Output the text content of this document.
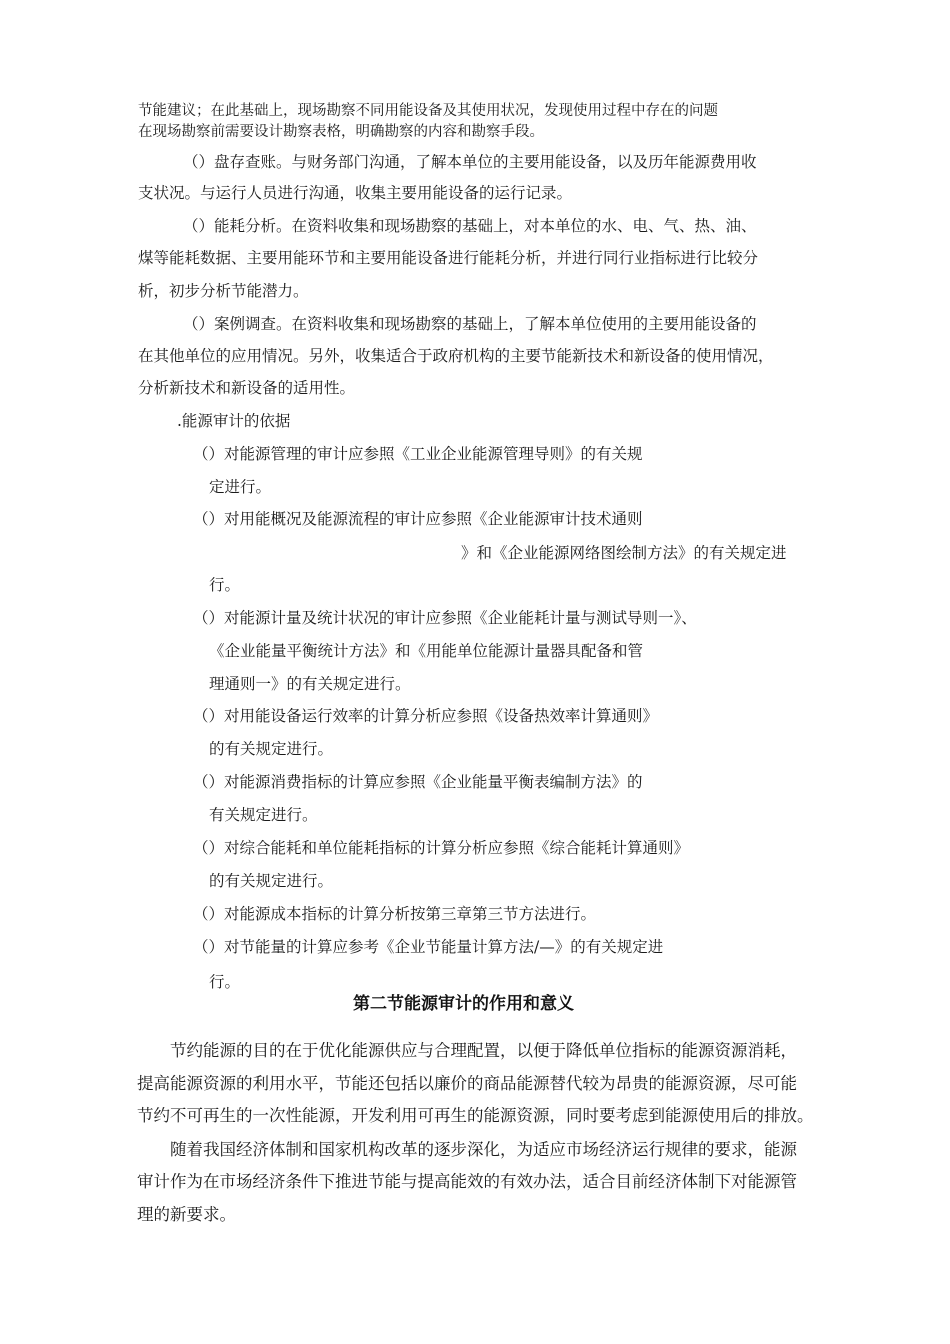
节能建议；在此基础上，现场勘察不同用能设备及其使用状况，发现使用过程中存在的问题
在现场勘察前需要设计勘察表格，明确勘察的内容和勘察手段。
（）盘存查账。与财务部门沟通，了解本单位的主要用能设备，以及历年能源费用收
支状况。与运行人员进行沟通，收集主要用能设备的运行记录。
（）能耗分析。在资料收集和现场勘察的基础上，对本单位的水、电、气、热、油、
煤等能耗数据、主要用能环节和主要用能设备进行能耗分析，并进行同行业指标进行比较分
析，初步分析节能潜力。
（）案例调查。在资料收集和现场勘察的基础上，了解本单位使用的主要用能设备的
在其他单位的应用情况。另外，收集适合于政府机构的主要节能新技术和新设备的使用情况，
分析新技术和新设备的适用性。
.能源审计的依据
（）对能源管理的审计应参照《工业企业能源管理导则》的有关规
定进行。
（）对用能概况及能源流程的审计应参照《企业能源审计技术通则
》和《企业能源网络图绘制方法》的有关规定进
行。
（）对能源计量及统计状况的审计应参照《企业能耗计量与测试导则一》、
《企业能量平衡统计方法》和《用能单位能源计量器具配备和管
理通则一》的有关规定进行。
（）对用能设备运行效率的计算分析应参照《设备热效率计算通则》
的有关规定进行。
（）对能源消费指标的计算应参照《企业能量平衡表编制方法》的
有关规定进行。
（）对综合能耗和单位能耗指标的计算分析应参照《综合能耗计算通则》
的有关规定进行。
（）对能源成本指标的计算分析按第三章第三节方法进行。
（）对节能量的计算应参考《企业节能量计算方法/—》的有关规定进
行。
第二节能源审计的作用和意义
节约能源的目的在于优化能源供应与合理配置，以便于降低单位指标的能源资源消耗，
提高能源资源的利用水平，节能还包括以廉价的商品能源替代较为昂贵的能源资源，尽可能
节约不可再生的一次性能源，开发利用可再生的能源资源，同时要考虑到能源使用后的排放。
随着我国经济体制和国家机构改革的逐步深化，为适应市场经济运行规律的要求，能源
审计作为在市场经济条件下推进节能与提高能效的有效办法，适合目前经济体制下对能源管
理的新要求。
